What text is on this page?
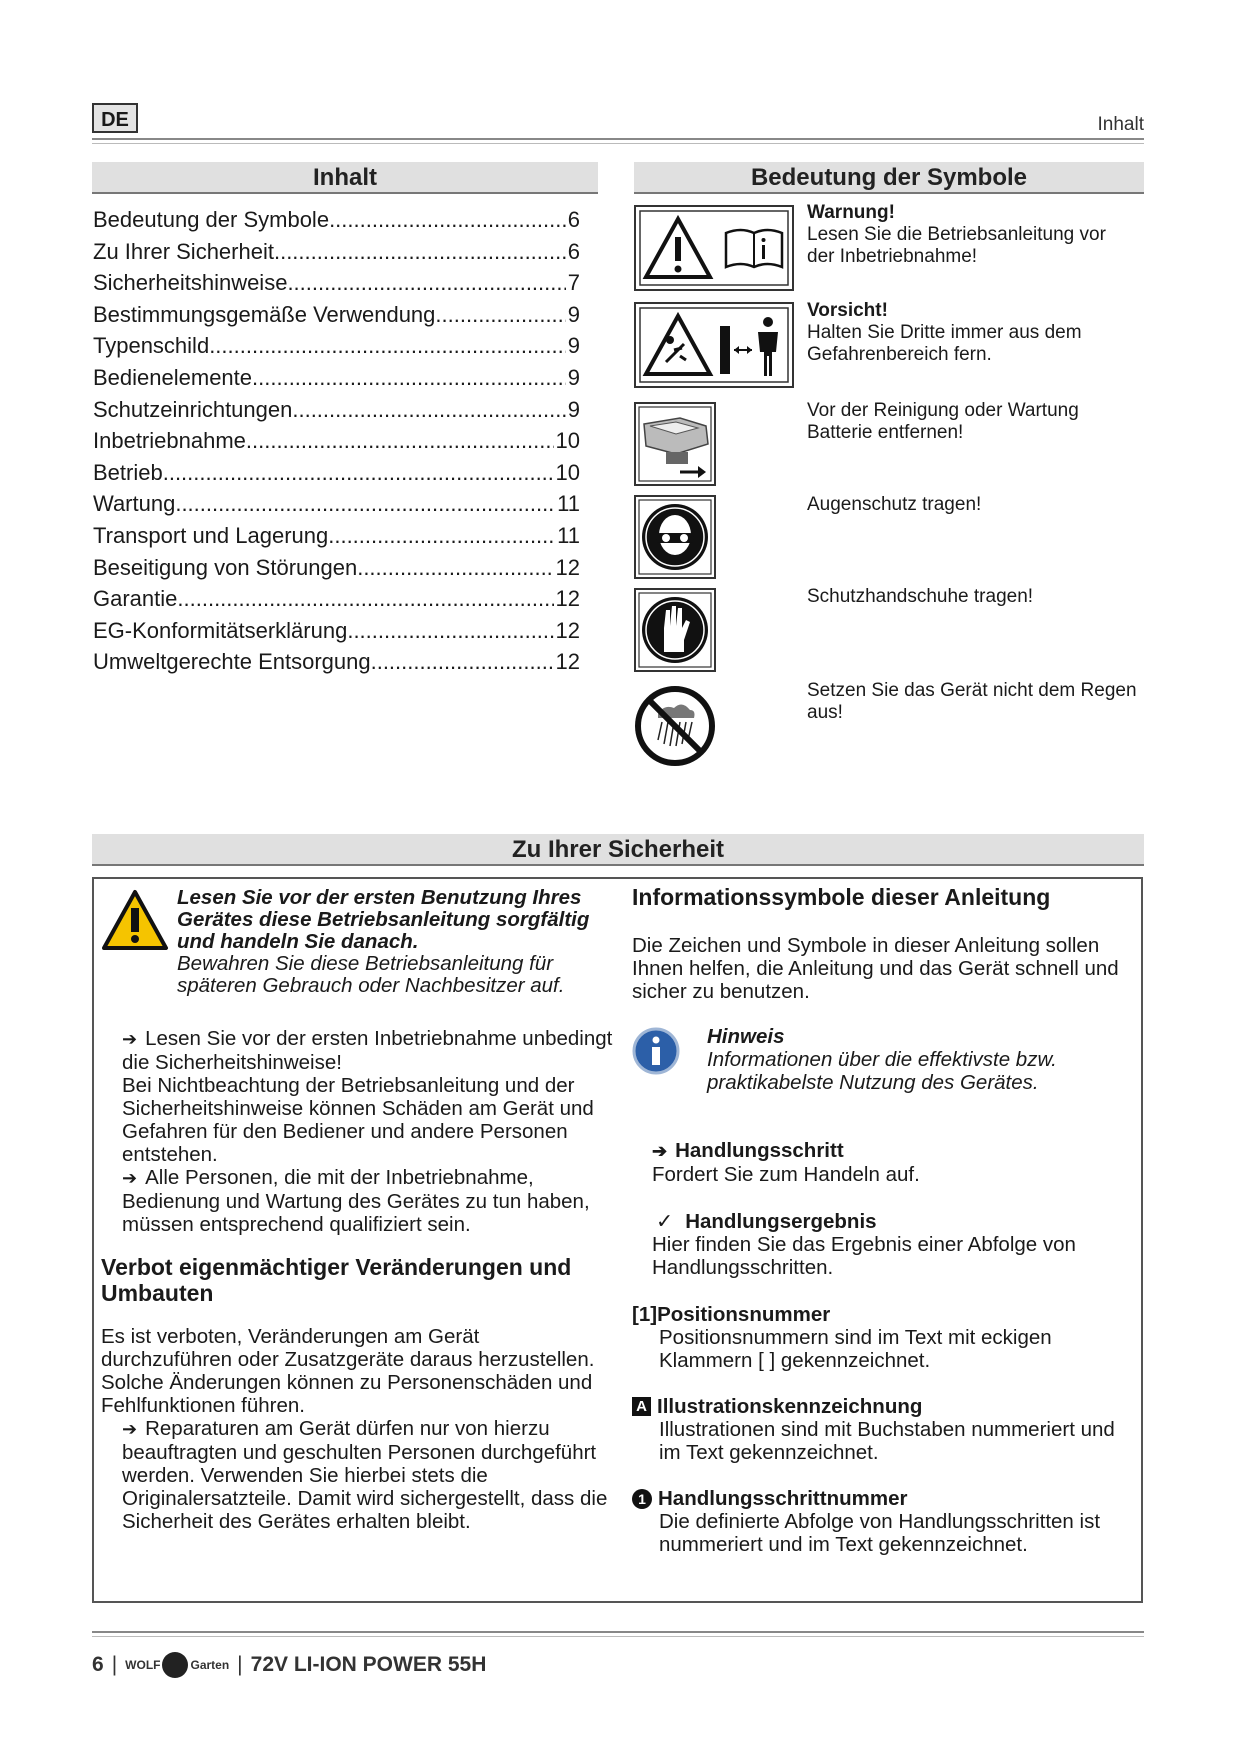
DE	Inhalt
Inhalt
Bedeutung der Symbole .....	6
Zu Ihrer Sicherheit .....	6
Sicherheitshinweise .....	7
Bestimmungsgemäße Verwendung .....	9
Typenschild .....	9
Bedienelemente .....	9
Schutzeinrichtungen .....	9
Inbetriebnahme .....	10
Betrieb .....	10
Wartung .....	11
Transport und Lagerung .....	11
Beseitigung von Störungen .....	12
Garantie .....	12
EG-Konformitätserklärung .....	12
Umweltgerechte Entsorgung .....	12
Bedeutung der Symbole
Warnung!
Lesen Sie die Betriebsanleitung vor der Inbetriebnahme!
Vorsicht!
Halten Sie Dritte immer aus dem Gefahrenbereich fern.
Vor der Reinigung oder Wartung Batterie entfernen!
Augenschutz tragen!
Schutzhandschuhe tragen!
Setzen Sie das Gerät nicht dem Regen aus!
Zu Ihrer Sicherheit
Lesen Sie vor der ersten Benutzung Ihres Gerätes diese Betriebsanleitung sorgfältig und handeln Sie danach.
Bewahren Sie diese Betriebsanleitung für späteren Gebrauch oder Nachbesitzer auf.
➔ Lesen Sie vor der ersten Inbetriebnahme unbedingt die Sicherheitshinweise!
Bei Nichtbeachtung der Betriebsanleitung und der Sicherheitshinweise können Schäden am Gerät und Gefahren für den Bediener und andere Personen entstehen.
➔ Alle Personen, die mit der Inbetriebnahme, Bedienung und Wartung des Gerätes zu tun haben, müssen entsprechend qualifiziert sein.
Verbot eigenmächtiger Veränderungen und Umbauten
Es ist verboten, Veränderungen am Gerät durchzuführen oder Zusatzgeräte daraus herzustellen. Solche Änderungen können zu Personenschäden und Fehlfunktionen führen.
➔ Reparaturen am Gerät dürfen nur von hierzu beauftragten und geschulten Personen durchgeführt werden. Verwenden Sie hierbei stets die Originalersatzteile. Damit wird sichergestellt, dass die Sicherheit des Gerätes erhalten bleibt.
Informationssymbole dieser Anleitung
Die Zeichen und Symbole in dieser Anleitung sollen Ihnen helfen, die Anleitung und das Gerät schnell und sicher zu benutzen.
Hinweis
Informationen über die effektivste bzw. praktikabelste Nutzung des Gerätes.
➔ Handlungsschritt
Fordert Sie zum Handeln auf.
✓ Handlungsergebnis
Hier finden Sie das Ergebnis einer Abfolge von Handlungsschritten.
[1]Positionsnummer
Positionsnummern sind im Text mit eckigen Klammern [ ] gekennzeichnet.
A Illustrationskennzeichnung
Illustrationen sind mit Buchstaben nummeriert und im Text gekennzeichnet.
1 Handlungsschrittnummer
Die definierte Abfolge von Handlungsschritten ist nummeriert und im Text gekennzeichnet.
6 | WOLF	Garten | 72V LI-ION POWER 55H
